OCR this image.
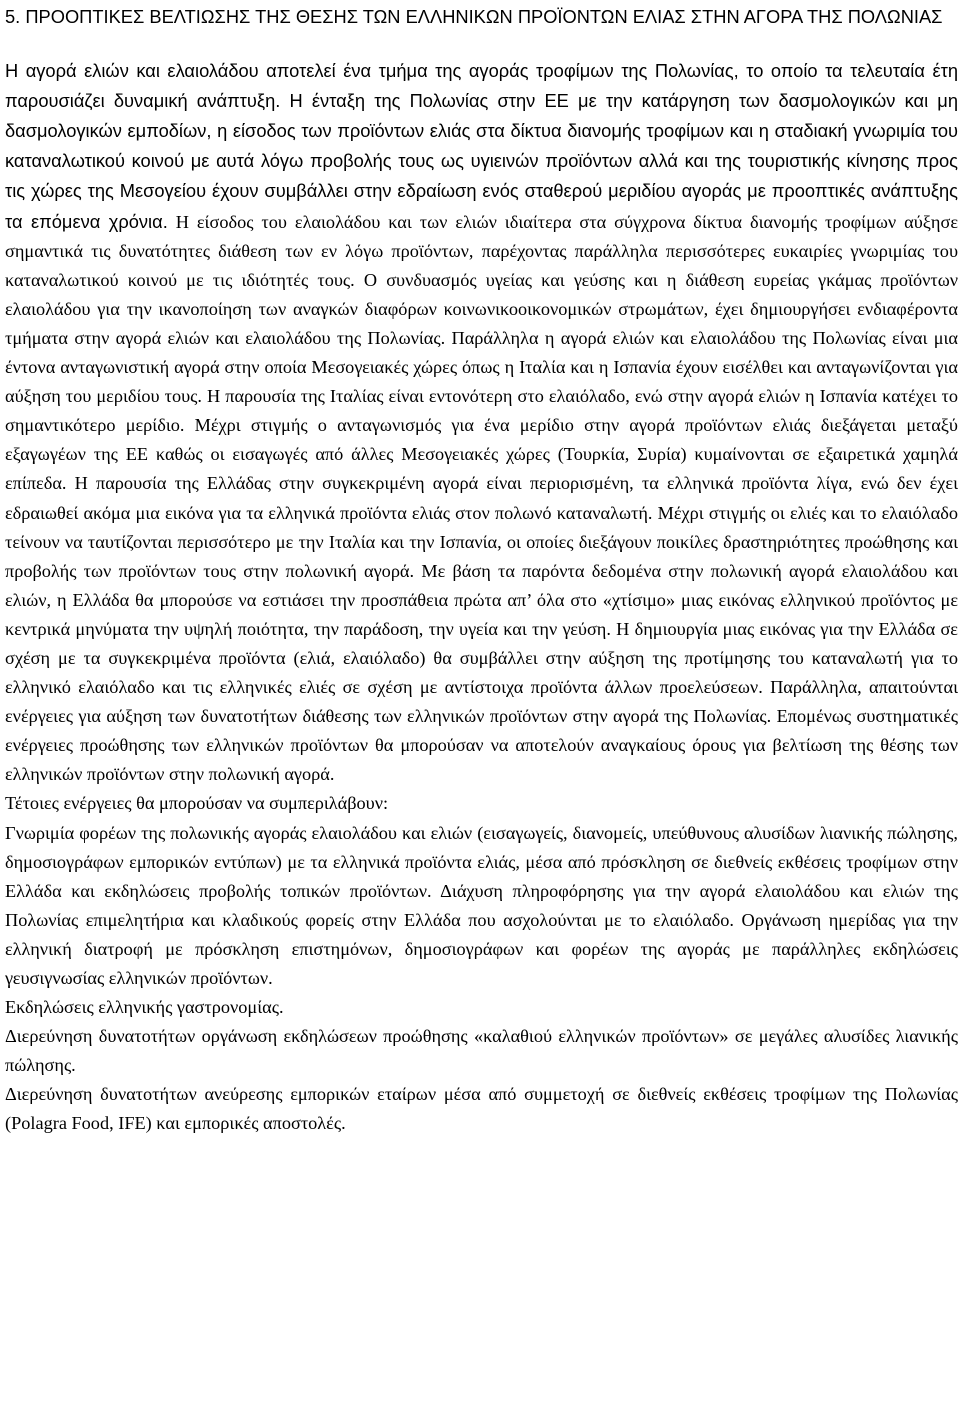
5. ΠΡΟΟΠΤΙΚΕΣ ΒΕΛΤΙΩΣΗΣ ΤΗΣ ΘΕΣΗΣ ΤΩΝ ΕΛΛΗΝΙΚΩΝ ΠΡΟΪΟΝΤΩΝ ΕΛΙΑΣ ΣΤΗΝ ΑΓΟΡΑ ΤΗΣ ΠΟΛΩΝΙΑΣ

Η αγορά ελιών και ελαιολάδου αποτελεί ένα τμήμα της αγοράς τροφίμων της Πολωνίας, το οποίο τα τελευταία έτη παρουσιάζει δυναμική ανάπτυξη. Η ένταξη της Πολωνίας στην ΕΕ με την κατάργηση των δασμολογικών και μη δασμολογικών εμποδίων, η είσοδος των προϊόντων ελιάς στα δίκτυα διανομής τροφίμων και η σταδιακή γνωριμία του καταναλωτικού κοινού με αυτά λόγω προβολής τους ως υγιεινών προϊόντων αλλά και της τουριστικής κίνησης προς τις χώρες της Μεσογείου έχουν συμβάλλει στην εδραίωση ενός σταθερού μεριδίου αγοράς με προοπτικές ανάπτυξης τα επόμενα χρόνια. Η είσοδος του ελαιολάδου και των ελιών ιδιαίτερα στα σύγχρονα δίκτυα διανομής τροφίμων αύξησε σημαντικά τις δυνατότητες διάθεση των εν λόγω προϊόντων, παρέχοντας παράλληλα περισσότερες ευκαιρίες γνωριμίας του καταναλωτικού κοινού με τις ιδιότητές τους. Ο συνδυασμός υγείας και γεύσης και η διάθεση ευρείας γκάμας προϊόντων ελαιολάδου για την ικανοποίηση των αναγκών διαφόρων κοινωνικοοικονομικών στρωμάτων, έχει δημιουργήσει ενδιαφέροντα τμήματα στην αγορά ελιών και ελαιολάδου της Πολωνίας. Παράλληλα η αγορά ελιών και ελαιολάδου της Πολωνίας είναι μια έντονα ανταγωνιστική αγορά στην οποία Μεσογειακές χώρες όπως η Ιταλία και η Ισπανία έχουν εισέλθει και ανταγωνίζονται για αύξηση του μεριδίου τους. Η παρουσία της Ιταλίας είναι εντονότερη στο ελαιόλαδο, ενώ στην αγορά ελιών η Ισπανία κατέχει το σημαντικότερο μερίδιο. Μέχρι στιγμής ο ανταγωνισμός για ένα μερίδιο στην αγορά προϊόντων ελιάς διεξάγεται μεταξύ εξαγωγέων της ΕΕ καθώς οι εισαγωγές από άλλες Μεσογειακές χώρες (Τουρκία, Συρία) κυμαίνονται σε εξαιρετικά χαμηλά επίπεδα. Η παρουσία της Ελλάδας στην συγκεκριμένη αγορά είναι περιορισμένη, τα ελληνικά προϊόντα λίγα, ενώ δεν έχει εδραιωθεί ακόμα μια εικόνα για τα ελληνικά προϊόντα ελιάς στον πολωνό καταναλωτή. Μέχρι στιγμής οι ελιές και το ελαιόλαδο τείνουν να ταυτίζονται περισσότερο με την Ιταλία και την Ισπανία, οι οποίες διεξάγουν ποικίλες δραστηριότητες προώθησης και προβολής των προϊόντων τους στην πολωνική αγορά. Με βάση τα παρόντα δεδομένα στην πολωνική αγορά ελαιολάδου και ελιών, η Ελλάδα θα μπορούσε να εστιάσει την προσπάθεια πρώτα απ’ όλα στο «χτίσιμο» μιας εικόνας ελληνικού προϊόντος με κεντρικά μηνύματα την υψηλή ποιότητα, την παράδοση, την υγεία και την γεύση. Η δημιουργία μιας εικόνας για την Ελλάδα σε σχέση με τα συγκεκριμένα προϊόντα (ελιά, ελαιόλαδο) θα συμβάλλει στην αύξηση της προτίμησης του καταναλωτή για το ελληνικό ελαιόλαδο και τις ελληνικές ελιές σε σχέση με αντίστοιχα προϊόντα άλλων προελεύσεων. Παράλληλα, απαιτούνται ενέργειες για αύξηση των δυνατοτήτων διάθεσης των ελληνικών προϊόντων στην αγορά της Πολωνίας. Επομένως συστηματικές ενέργειες προώθησης των ελληνικών προϊόντων θα μπορούσαν να αποτελούν αναγκαίους όρους για βελτίωση της θέσης των ελληνικών προϊόντων στην πολωνική αγορά.

Τέτοιες ενέργειες θα μπορούσαν να συμπεριλάβουν:

Γνωριμία φορέων της πολωνικής αγοράς ελαιολάδου και ελιών (εισαγωγείς, διανομείς, υπεύθυνους αλυσίδων λιανικής πώλησης, δημοσιογράφων εμπορικών εντύπων) με τα ελληνικά προϊόντα ελιάς, μέσα από πρόσκληση σε διεθνείς εκθέσεις τροφίμων στην Ελλάδα και εκδηλώσεις προβολής τοπικών προϊόντων. Διάχυση πληροφόρησης για την αγορά ελαιολάδου και ελιών της Πολωνίας επιμελητήρια και κλαδικούς φορείς στην Ελλάδα που ασχολούνται με το ελαιόλαδο. Οργάνωση ημερίδας για την ελληνική διατροφή με πρόσκληση επιστημόνων, δημοσιογράφων και φορέων της αγοράς με παράλληλες εκδηλώσεις γευσιγνωσίας ελληνικών προϊόντων.

Εκδηλώσεις ελληνικής γαστρονομίας.

Διερεύνηση δυνατοτήτων οργάνωση εκδηλώσεων προώθησης «καλαθιού ελληνικών προϊόντων» σε μεγάλες αλυσίδες λιανικής πώλησης.

Διερεύνηση δυνατοτήτων ανεύρεσης εμπορικών εταίρων μέσα από συμμετοχή σε διεθνείς εκθέσεις τροφίμων της Πολωνίας (Polagra Food, IFE) και εμπορικές αποστολές.
